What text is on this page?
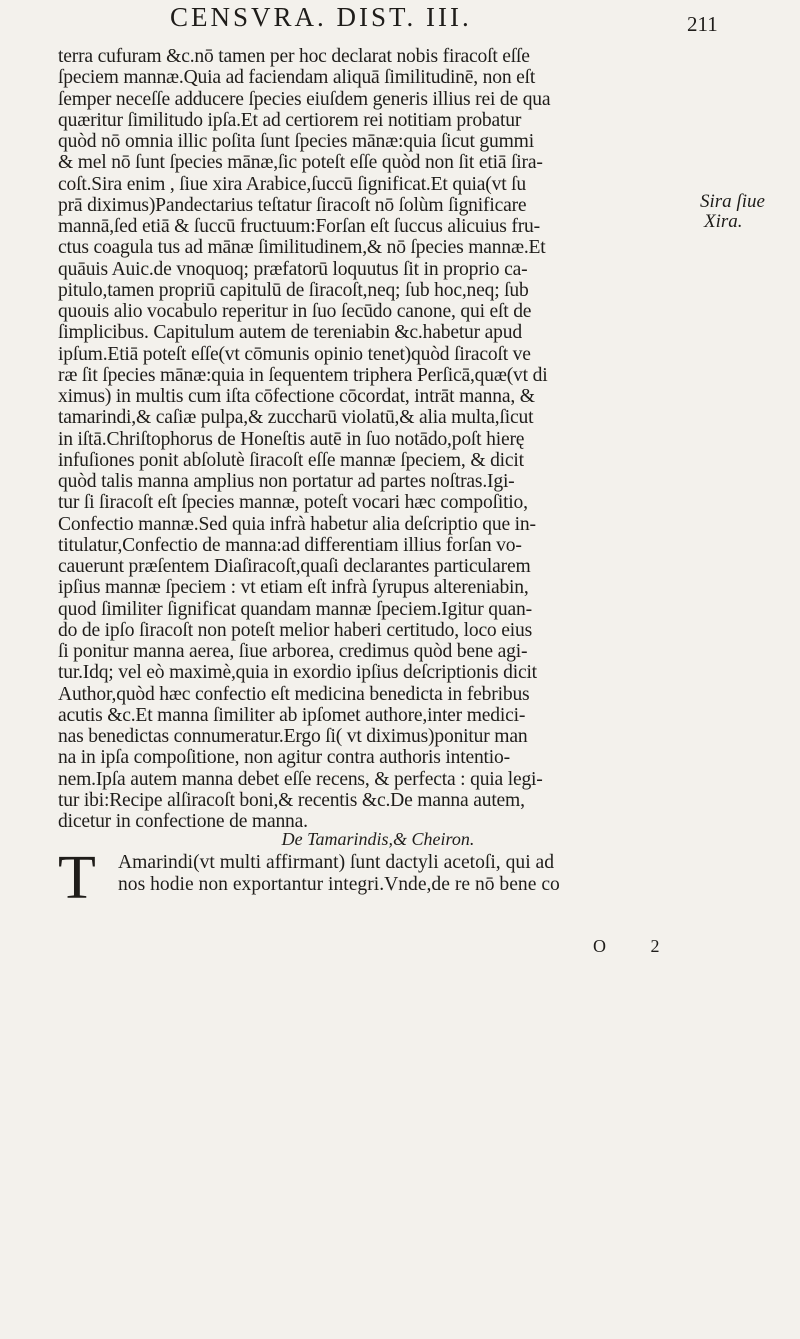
CENSVRA. DIST. III.	211
terra cufuram &c.nō tamen per hoc declarat nobis firacoſt eſſe
ſpeciem mannæ.Quia ad faciendam aliquā ſimilitudinē, non eſt
ſemper neceſſe adducere ſpecies eiuſdem generis illius rei de qua
quæritur ſimilitudo ipſa.Et ad certiorem rei notitiam probatur
quòd nō omnia illic poſita ſunt ſpecies mānæ:quia ſicut gummi
& mel nō ſunt ſpecies mānæ,ſic poteſt eſſe quòd non ſit etiā ſira-
coſt.Sira enim , ſiue xira Arabice,ſuccū ſignificat.Et quia(vt ſu
prā diximus)Pandectarius teſtatur ſiracoſt nō ſolùm ſignificare
mannā,ſed etiā & ſuccū fructuum:Forſan eſt ſuccus alicuius fru-
ctus coagula tus ad mānæ ſimilitudinem,& nō ſpecies mannæ.Et
quāuis Auic.de vnoquoq; præfatorū loquutus ſit in proprio ca-
pitulo,tamen propriū capitulū de ſiracoſt,neq; ſub hoc,neq; ſub
quouis alio vocabulo reperitur in ſuo ſecūdo canone, qui eſt de
ſimplicibus. Capitulum autem de tereniabin &c.habetur apud
ipſum.Etiā poteſt eſſe(vt cōmunis opinio tenet)quòd ſiracoſt ve
ræ ſit ſpecies mānæ:quia in ſequentem triphera Perſicā,quæ(vt di
ximus) in multis cum iſta cōfectione cōcordat, intrāt manna, &
tamarindi,& caſiæ pulpa,& zuccharū violatū,& alia multa,ſicut
in iſtā.Chriſtophorus de Honeſtis autē in ſuo notādo,poſt hierę
infuſiones ponit abſolutè ſiracoſt eſſe mannæ ſpeciem, & dicit
quòd talis manna amplius non portatur ad partes noſtras.Igi-
tur ſi ſiracoſt eſt ſpecies mannæ, poteſt vocari hæc compoſitio,
Confectio mannæ.Sed quia infrà habetur alia deſcriptio que in-
titulatur,Confectio de manna:ad differentiam illius forſan vo-
cauerunt præſentem Diaſiracoſt,quaſi declarantes particularem
ipſius mannæ ſpeciem : vt etiam eſt infrà ſyrupus altereniabin,
quod ſimiliter ſignificat quandam mannæ ſpeciem.Igitur quan-
do de ipſo ſiracoſt non poteſt melior haberi certitudo, loco eius
ſi ponitur manna aerea, ſiue arborea, credimus quòd bene agi-
tur.Idq; vel eò maximè,quia in exordio ipſius deſcriptionis dicit
Author,quòd hæc confectio eſt medicina benedicta in febribus
acutis &c.Et manna ſimiliter ab ipſomet authore,inter medici-
nas benedictas connumeratur.Ergo ſi( vt diximus)ponitur man
na in ipſa compoſitione, non agitur contra authoris intentio-
nem.Ipſa autem manna debet eſſe recens, & perfecta : quia legi-
tur ibi:Recipe alſiracoſt boni,& recentis &c.De manna autem,
dicetur in confectione de manna.
De Tamarindis,& Cheiron.
T Amarindi(vt multi affirmant) ſunt dactyli acetoſi, qui ad
nos hodie non exportantur integri.Vnde,de re nō bene co
O 2
Sira ſiue
Xira.
